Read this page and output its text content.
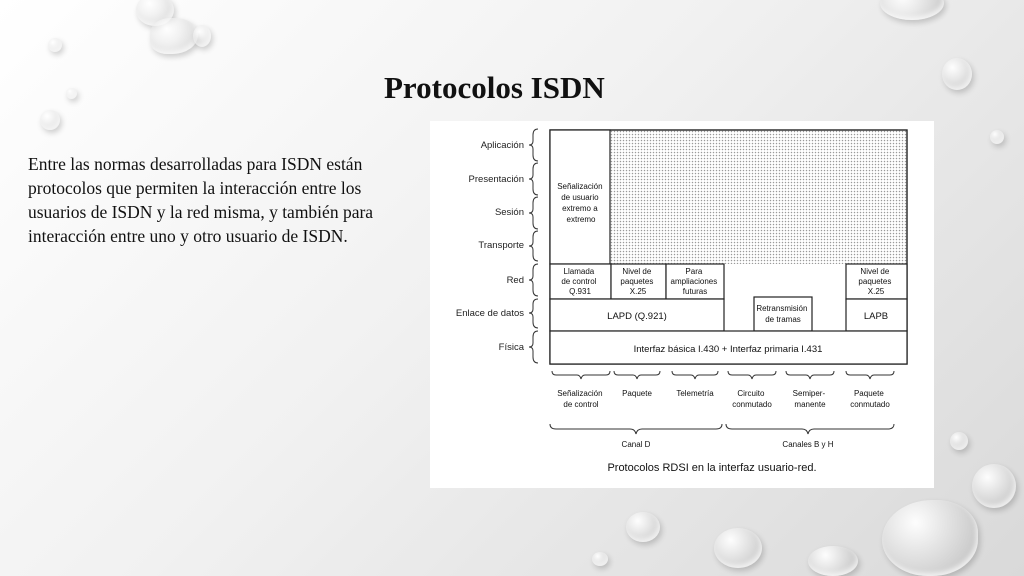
Protocolos ISDN

Entre las normas desarrolladas para ISDN están protocolos que permiten la interacción entre los usuarios de ISDN y la red misma, y también para interacción entre uno y otro usuario de ISDN.

Aplicación
Presentación
Sesión
Transporte
Red
Enlace de datos
Física
Señalización de usuario extremo a extremo
Llamada de control Q.931
Nivel de paquetes X.25
Para ampliaciones futuras
Nivel de paquetes X.25
LAPD (Q.921)
Retransmisión de tramas	LAPB
Interfaz básica I.430 + Interfaz primaria I.431
Señalización de control
Paquete	Telemetría	Circuito conmutado
Semiper- manente
Paquete conmutado
Canal D	Canales B y H
Protocolos RDSI en la interfaz usuario-red.
